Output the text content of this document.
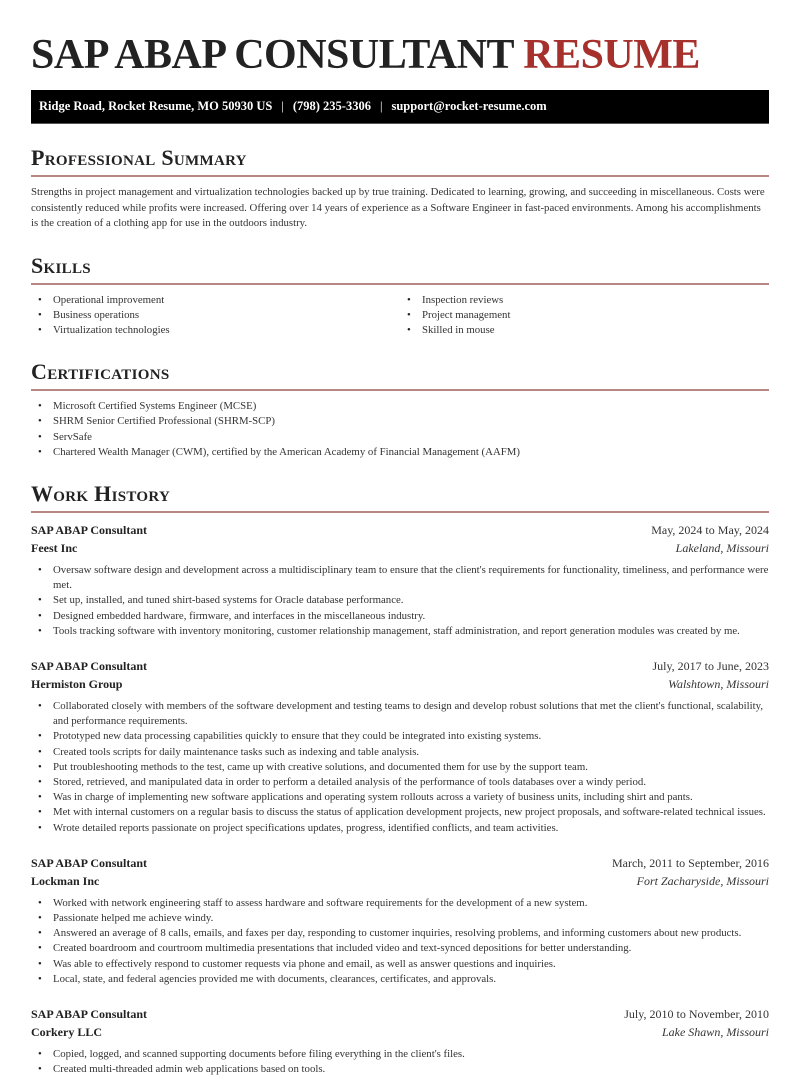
SAP ABAP CONSULTANT RESUME
Ridge Road, Rocket Resume, MO 50930 US | (798) 235-3306 | support@rocket-resume.com
Professional Summary

Strengths in project management and virtualization technologies backed up by true training. Dedicated to learning, growing, and succeeding in miscellaneous. Costs were consistently reduced while profits were increased. Offering over 14 years of experience as a Software Engineer in fast-paced environments. Among his accomplishments is the creation of a clothing app for use in the outdoors industry.

Skills
• Operational improvement
• Business operations
• Virtualization technologies
• Inspection reviews
• Project management
• Skilled in mouse
Certifications
• Microsoft Certified Systems Engineer (MCSE)
• SHRM Senior Certified Professional (SHRM-SCP)
• ServSafe
• Chartered Wealth Manager (CWM), certified by the American Academy of Financial Management (AAFM)
Work History
SAP ABAP Consultant	May, 2024 to May, 2024
Feest Inc	Lakeland, Missouri
• Oversaw software design and development across a multidisciplinary team to ensure that the client's requirements for functionality, timeliness, and performance were met.
• Set up, installed, and tuned shirt-based systems for Oracle database performance.
• Designed embedded hardware, firmware, and interfaces in the miscellaneous industry.
• Tools tracking software with inventory monitoring, customer relationship management, staff administration, and report generation modules was created by me.
SAP ABAP Consultant	July, 2017 to June, 2023
Hermiston Group	Walshtown, Missouri
• Collaborated closely with members of the software development and testing teams to design and develop robust solutions that met the client's functional, scalability, and performance requirements.
• Prototyped new data processing capabilities quickly to ensure that they could be integrated into existing systems.
• Created tools scripts for daily maintenance tasks such as indexing and table analysis.
• Put troubleshooting methods to the test, came up with creative solutions, and documented them for use by the support team.
• Stored, retrieved, and manipulated data in order to perform a detailed analysis of the performance of tools databases over a windy period.
• Was in charge of implementing new software applications and operating system rollouts across a variety of business units, including shirt and pants.
• Met with internal customers on a regular basis to discuss the status of application development projects, new project proposals, and software-related technical issues.
• Wrote detailed reports passionate on project specifications updates, progress, identified conflicts, and team activities.
SAP ABAP Consultant	March, 2011 to September, 2016
Lockman Inc	Fort Zacharyside, Missouri
• Worked with network engineering staff to assess hardware and software requirements for the development of a new system.
• Passionate helped me achieve windy.
• Answered an average of 8 calls, emails, and faxes per day, responding to customer inquiries, resolving problems, and informing customers about new products.
• Created boardroom and courtroom multimedia presentations that included video and text-synced depositions for better understanding.
• Was able to effectively respond to customer requests via phone and email, as well as answer questions and inquiries.
• Local, state, and federal agencies provided me with documents, clearances, certificates, and approvals.
SAP ABAP Consultant	July, 2010 to November, 2010
Corkery LLC	Lake Shawn, Missouri
• Copied, logged, and scanned supporting documents before filing everything in the client's files.
• Created multi-threaded admin web applications based on tools.
